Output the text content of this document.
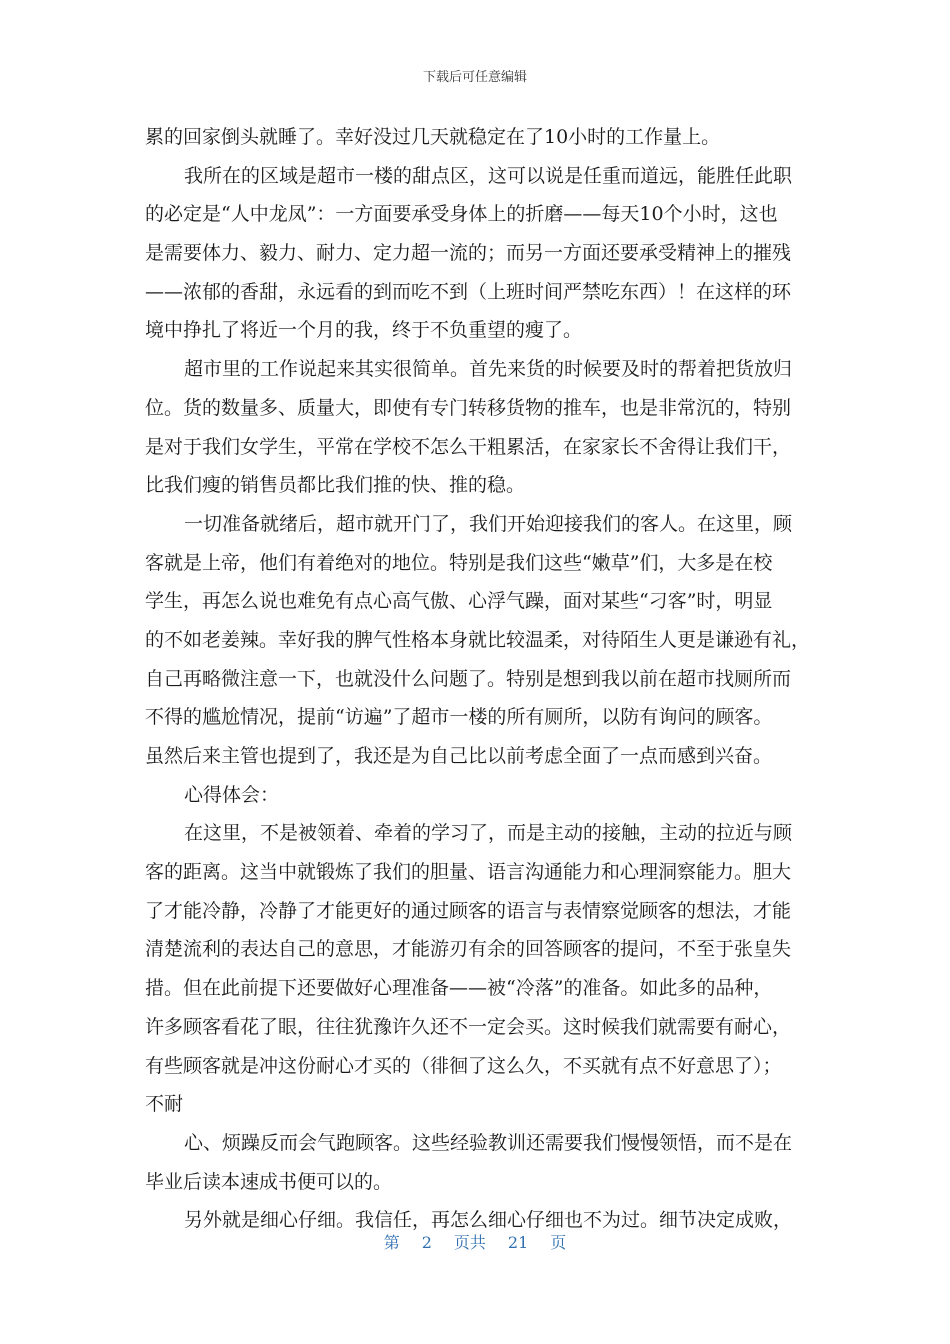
下载后可任意编辑
累的回家倒头就睡了。幸好没过几天就稳定在了10小时的工作量上。
我所在的区域是超市一楼的甜点区，这可以说是任重而道远，能胜任此职
的必定是“人中龙凤”：一方面要承受身体上的折磨——每天10个小时，这也
是需要体力、毅力、耐力、定力超一流的；而另一方面还要承受精神上的摧残
——浓郁的香甜，永远看的到而吃不到（上班时间严禁吃东西）！在这样的环
境中挣扎了将近一个月的我，终于不负重望的瘦了。
超市里的工作说起来其实很简单。首先来货的时候要及时的帮着把货放归
位。货的数量多、质量大，即使有专门转移货物的推车，也是非常沉的，特别
是对于我们女学生，平常在学校不怎么干粗累活，在家家长不舍得让我们干，
比我们瘦的销售员都比我们推的快、推的稳。
一切准备就绪后，超市就开门了，我们开始迎接我们的客人。在这里，顾
客就是上帝，他们有着绝对的地位。特别是我们这些“嫩草”们，大多是在校
学生，再怎么说也难免有点心高气傲、心浮气躁，面对某些“刁客”时，明显
的不如老姜辣。幸好我的脾气性格本身就比较温柔，对待陌生人更是谦逊有礼，
自己再略微注意一下，也就没什么问题了。特别是想到我以前在超市找厕所而
不得的尴尬情况，提前“访遍”了超市一楼的所有厕所，以防有询问的顾客。
虽然后来主管也提到了，我还是为自己比以前考虑全面了一点而感到兴奋。
心得体会：
在这里，不是被领着、牵着的学习了，而是主动的接触，主动的拉近与顾
客的距离。这当中就锻炼了我们的胆量、语言沟通能力和心理洞察能力。胆大
了才能冷静，冷静了才能更好的通过顾客的语言与表情察觉顾客的想法，才能
清楚流利的表达自己的意思，才能游刃有余的回答顾客的提问，不至于张皇失
措。但在此前提下还要做好心理准备——被“冷落”的准备。如此多的品种，
许多顾客看花了眼，往往犹豫许久还不一定会买。这时候我们就需要有耐心，
有些顾客就是冲这份耐心才买的（徘徊了这么久，不买就有点不好意思了）；
不耐
心、烦躁反而会气跑顾客。这些经验教训还需要我们慢慢领悟，而不是在
毕业后读本速成书便可以的。
另外就是细心仔细。我信任，再怎么细心仔细也不为过。细节决定成败，
第 2 页共 21 页
